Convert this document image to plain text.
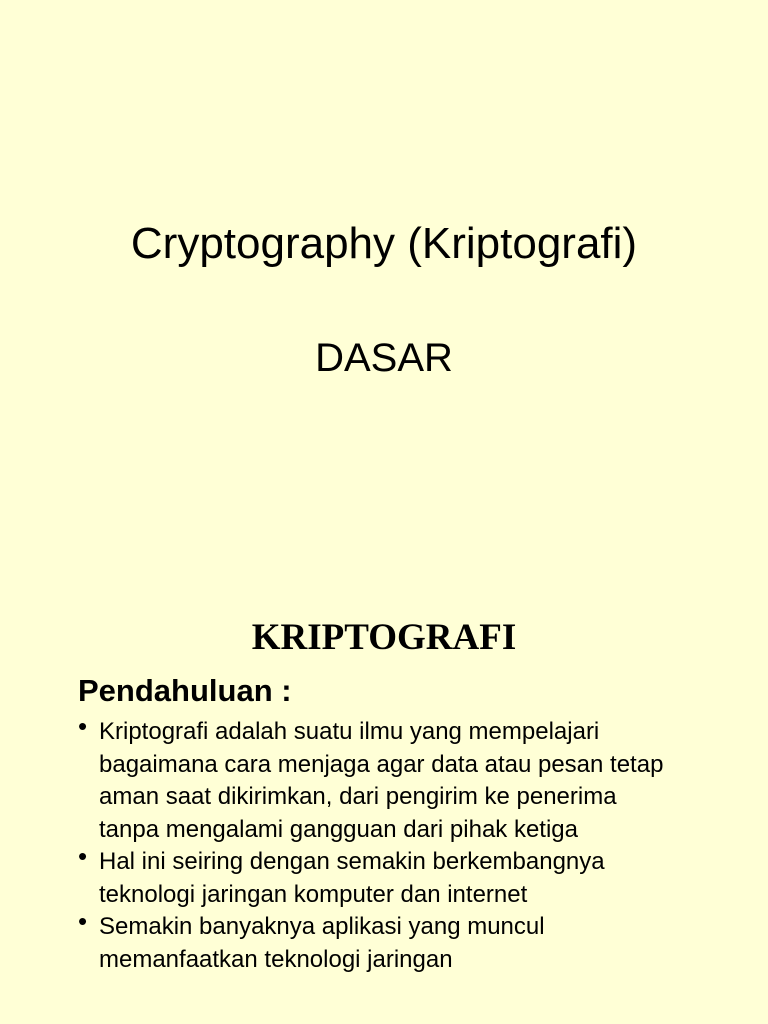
Cryptography (Kriptografi)
DASAR
KRIPTOGRAFI
Pendahuluan :
• Kriptografi adalah suatu ilmu yang mempelajari bagaimana cara menjaga agar data atau pesan tetap aman saat dikirimkan, dari pengirim ke penerima tanpa mengalami gangguan dari pihak ketiga
• Hal ini seiring dengan semakin berkembangnya teknologi jaringan komputer dan internet
• Semakin banyaknya aplikasi yang muncul memanfaatkan teknologi jaringan
